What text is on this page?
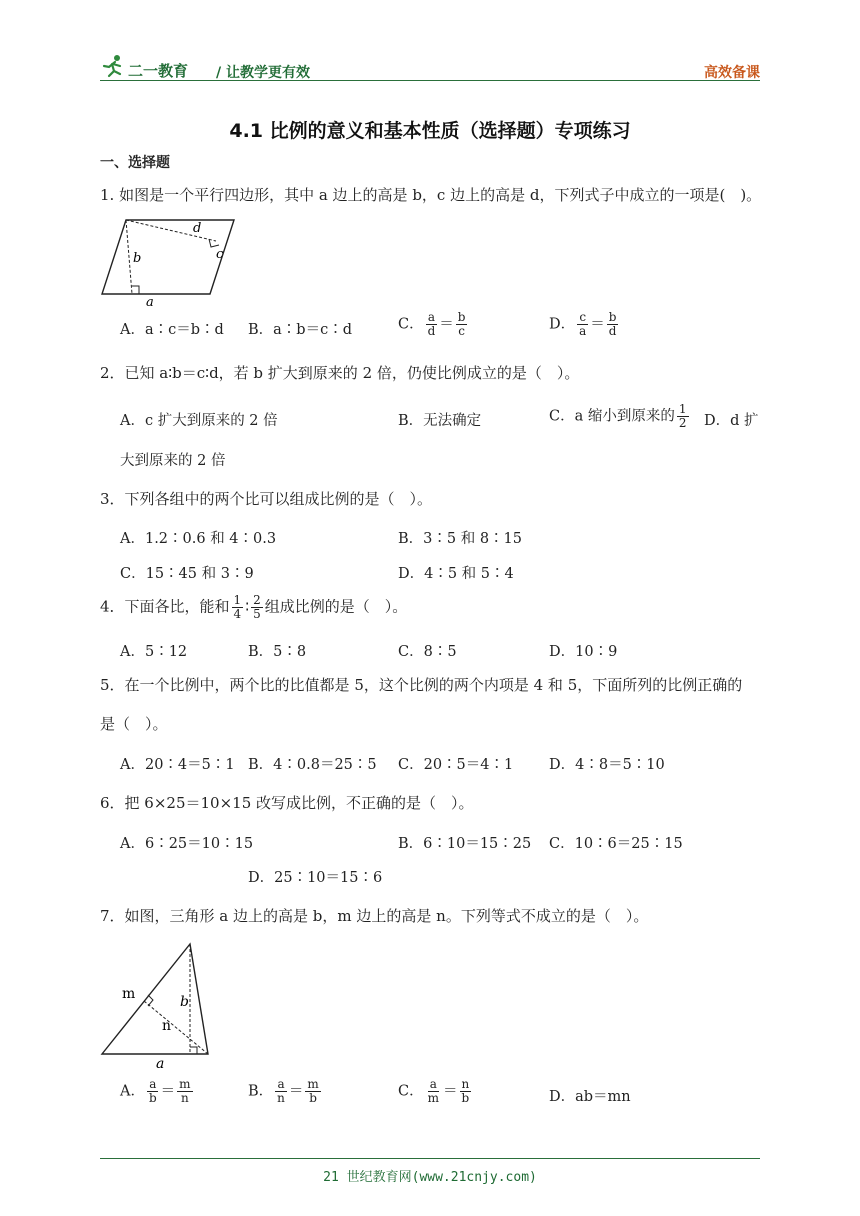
二一教育 / 让教学更有效	高效备课
4.1 比例的意义和基本性质（选择题）专项练习
一、选择题
1. 如图是一个平行四边形，其中 a 边上的高是 b，c 边上的高是 d，下列式子中成立的一项是(　)。
d
b	c
a
A．a∶c＝b∶d B．a∶b＝c∶d	C． $\frac{a}{d} = \frac{b}{c}$	D． $\frac{c}{a} = \frac{b}{d}$
2．已知 a∶b＝c∶d，若 b 扩大到原来的 2 倍，仍使比例成立的是（　）。
A．c 扩大到原来的 2 倍	B．无法确定	C．a 缩小到原来的 $\frac{1}{2}$ D．d 扩
大到原来的 2 倍
3．下列各组中的两个比可以组成比例的是（　）。
A．1.2∶0.6 和 4∶0.3	B．3∶5 和 8∶15
C．15∶45 和 3∶9	D．4∶5 和 5∶4
4．下面各比，能和 $\frac{1}{4}$ ∶ $\frac{2}{5}$ 组成比例的是（　）。
A．5∶12	B．5∶8	C．8∶5	D．10∶9
5．在一个比例中，两个比的比值都是 5，这个比例的两个内项是 4 和 5，下面所列的比例正确的
是（　）。
A．20∶4＝5∶1 B．4∶0.8＝25∶5 C．20∶5＝4∶1 D．4∶8＝5∶10
6．把 6×25＝10×15 改写成比例，不正确的是（　）。
A．6∶25＝10∶15	B．6∶10＝15∶25 C．10∶6＝25∶15
D．25∶10＝15∶6
7．如图，三角形 a 边上的高是 b，m 边上的高是 n。下列等式不成立的是（　）。
m	b
n
a
A． $\frac{a}{b} = \frac{m}{n}$	B． $\frac{a}{n} = \frac{m}{b}$	C． $\frac{a}{m} = \frac{n}{b}$	D．ab＝mn
21 世纪教育网(www.21cnjy.com)
